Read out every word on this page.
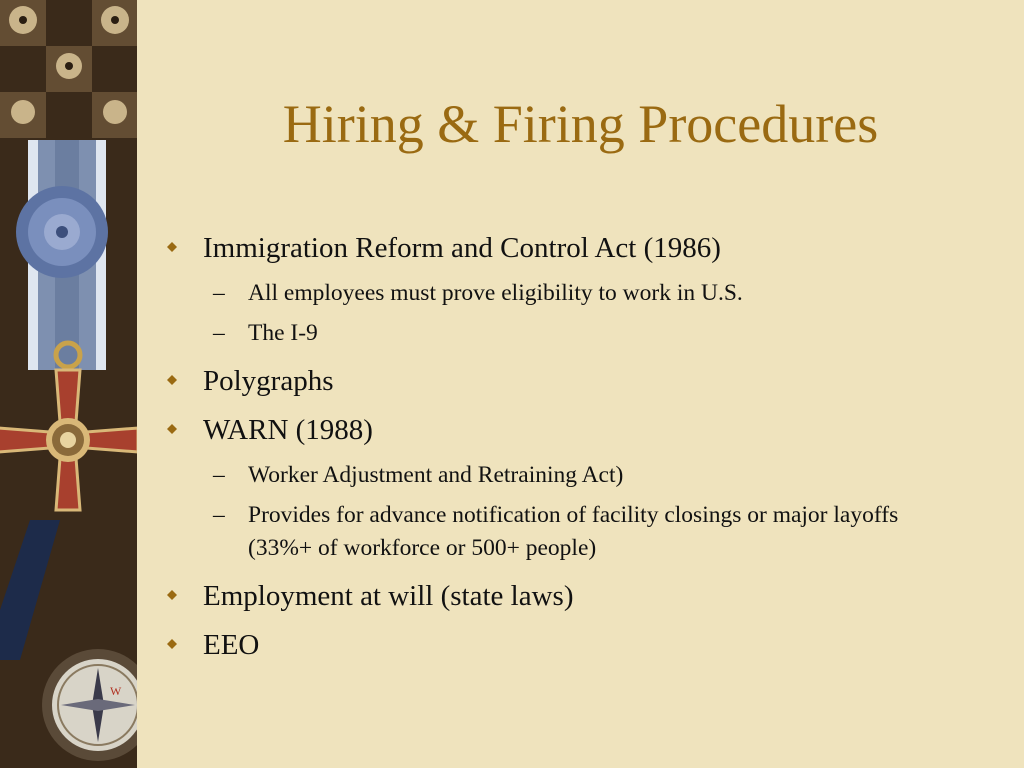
W
Hiring & Firing Procedures
Immigration Reform and Control Act (1986)
– All employees must prove eligibility to work in U.S.
– The I-9
Polygraphs
WARN (1988)
– Worker Adjustment and Retraining Act)
– Provides for advance notification of facility closings or major layoffs (33%+ of workforce or 500+ people)
Employment at will (state laws)
EEO
